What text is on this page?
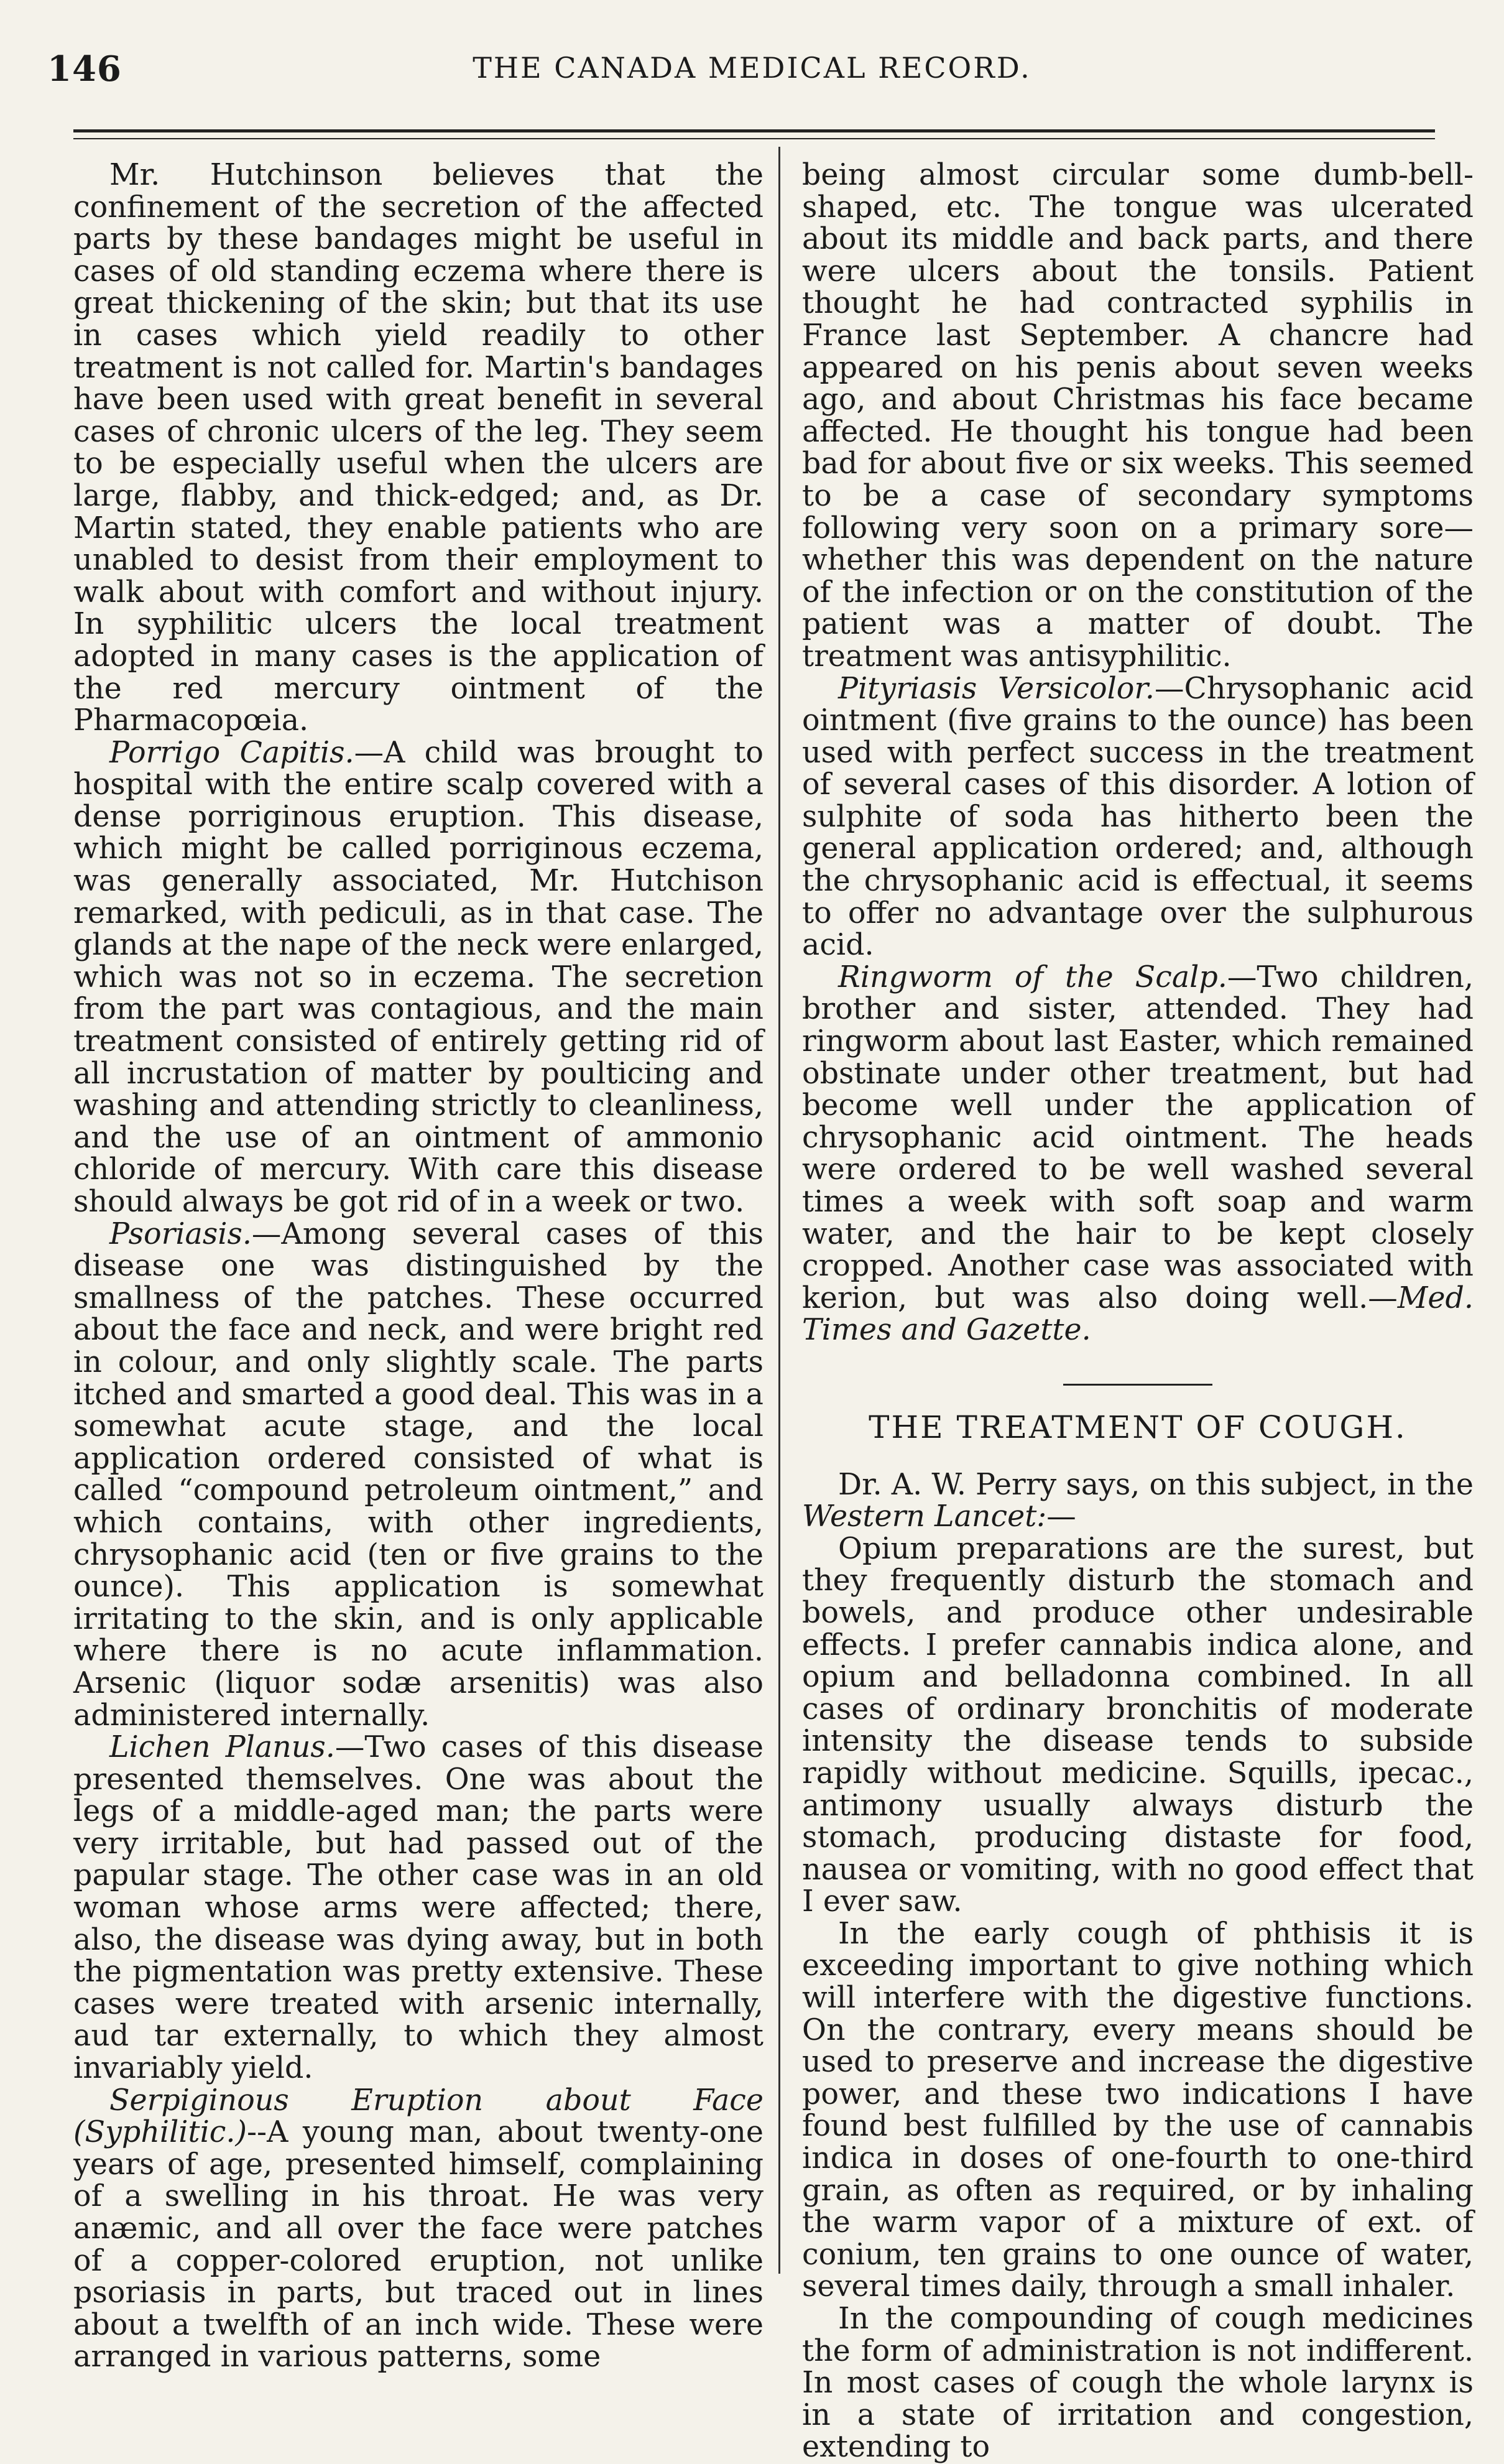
146	THE CANADA MEDICAL RECORD.

Mr. Hutchinson believes that the confinement of the secretion of the affected parts by these bandages might be useful in cases of old standing eczema where there is great thickening of the skin; but that its use in cases which yield readily to other treatment is not called for. Martin's bandages have been used with great benefit in several cases of chronic ulcers of the leg. They seem to be especially useful when the ulcers are large, flabby, and thick-edged; and, as Dr. Martin stated, they enable patients who are unabled to desist from their employment to walk about with comfort and without injury. In syphilitic ulcers the local treatment adopted in many cases is the application of the red mercury ointment of the Pharmacopœia.

Porrigo Capitis.—A child was brought to hospital with the entire scalp covered with a dense porriginous eruption. This disease, which might be called porriginous eczema, was generally associated, Mr. Hutchison remarked, with pediculi, as in that case. The glands at the nape of the neck were enlarged, which was not so in eczema. The secretion from the part was contagious, and the main treatment consisted of entirely getting rid of all incrustation of matter by poulticing and washing and attending strictly to cleanliness, and the use of an ointment of ammonio chloride of mercury. With care this disease should always be got rid of in a week or two.

Psoriasis.—Among several cases of this disease one was distinguished by the smallness of the patches. These occurred about the face and neck, and were bright red in colour, and only slightly scale. The parts itched and smarted a good deal. This was in a somewhat acute stage, and the local application ordered consisted of what is called “compound petroleum ointment,” and which contains, with other ingredients, chrysophanic acid (ten or five grains to the ounce). This application is somewhat irritating to the skin, and is only applicable where there is no acute inflammation. Arsenic (liquor sodæ arsenitis) was also administered internally.

Lichen Planus.—Two cases of this disease presented themselves. One was about the legs of a middle-aged man; the parts were very irritable, but had passed out of the papular stage. The other case was in an old woman whose arms were affected; there, also, the disease was dying away, but in both the pigmentation was pretty extensive. These cases were treated with arsenic internally, aud tar externally, to which they almost invariably yield.

Serpiginous Eruption about Face (Syphilitic.)--A young man, about twenty-one years of age, presented himself, complaining of a swelling in his throat. He was very anæmic, and all over the face were patches of a copper-colored eruption, not unlike psoriasis in parts, but traced out in lines about a twelfth of an inch wide. These were arranged in various patterns, some

being almost circular some dumb-bell-shaped, etc. The tongue was ulcerated about its middle and back parts, and there were ulcers about the tonsils. Patient thought he had contracted syphilis in France last September. A chancre had appeared on his penis about seven weeks ago, and about Christmas his face became affected. He thought his tongue had been bad for about five or six weeks. This seemed to be a case of secondary symptoms following very soon on a primary sore—whether this was dependent on the nature of the infection or on the constitution of the patient was a matter of doubt. The treatment was antisyphilitic.

Pityriasis Versicolor.—Chrysophanic acid ointment (five grains to the ounce) has been used with perfect success in the treatment of several cases of this disorder. A lotion of sulphite of soda has hitherto been the general application ordered; and, although the chrysophanic acid is effectual, it seems to offer no advantage over the sulphurous acid.

Ringworm of the Scalp.—Two children, brother and sister, attended. They had ringworm about last Easter, which remained obstinate under other treatment, but had become well under the application of chrysophanic acid ointment. The heads were ordered to be well washed several times a week with soft soap and warm water, and the hair to be kept closely cropped. Another case was associated with kerion, but was also doing well.—Med. Times and Gazette.

THE TREATMENT OF COUGH.

Dr. A. W. Perry says, on this subject, in the Western Lancet:—

Opium preparations are the surest, but they frequently disturb the stomach and bowels, and produce other undesirable effects. I prefer cannabis indica alone, and opium and belladonna combined. In all cases of ordinary bronchitis of moderate intensity the disease tends to subside rapidly without medicine. Squills, ipecac., antimony usually always disturb the stomach, producing distaste for food, nausea or vomiting, with no good effect that I ever saw.

In the early cough of phthisis it is exceeding important to give nothing which will interfere with the digestive functions. On the contrary, every means should be used to preserve and increase the digestive power, and these two indications I have found best fulfilled by the use of cannabis indica in doses of one-fourth to one-third grain, as often as required, or by inhaling the warm vapor of a mixture of ext. of conium, ten grains to one ounce of water, several times daily, through a small inhaler.

In the compounding of cough medicines the form of administration is not indifferent. In most cases of cough the whole larynx is in a state of irritation and congestion, extending to
